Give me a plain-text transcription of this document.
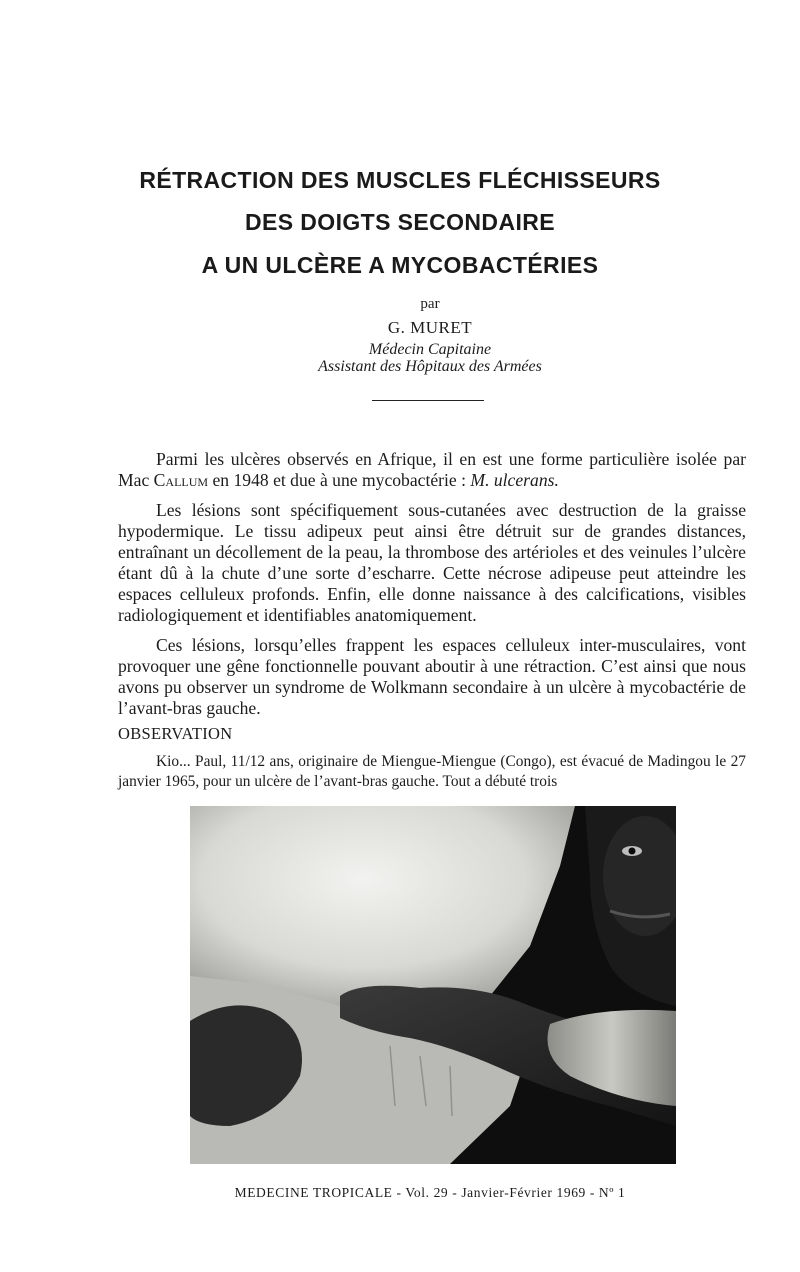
RÉTRACTION DES MUSCLES FLÉCHISSEURS
DES DOIGTS SECONDAIRE
A UN ULCÈRE A MYCOBACTÉRIES
par
G. MURET
Médecin Capitaine
Assistant des Hôpitaux des Armées

Parmi les ulcères observés en Afrique, il en est une forme particulière isolée par Mac Callum en 1948 et due à une mycobactérie : M. ulcerans.

Les lésions sont spécifiquement sous-cutanées avec destruction de la graisse hypodermique. Le tissu adipeux peut ainsi être détruit sur de grandes distances, entraînant un décollement de la peau, la thrombose des artérioles et des veinules l’ulcère étant dû à la chute d’une sorte d’escharre. Cette nécrose adipeuse peut atteindre les espaces celluleux profonds. Enfin, elle donne naissance à des calcifications, visibles radiologiquement et identifiables anatomiquement.

Ces lésions, lorsqu’elles frappent les espaces celluleux inter-musculaires, vont provoquer une gêne fonctionnelle pouvant aboutir à une rétraction. C’est ainsi que nous avons pu observer un syndrome de Wolkmann secondaire à un ulcère à mycobactérie de l’avant-bras gauche.

OBSERVATION

Kio... Paul, 11/12 ans, originaire de Miengue-Miengue (Congo), est évacué de Madingou le 27 janvier 1965, pour un ulcère de l’avant-bras gauche. Tout a débuté trois

MEDECINE TROPICALE - Vol. 29 - Janvier-Février 1969 - Nº 1
